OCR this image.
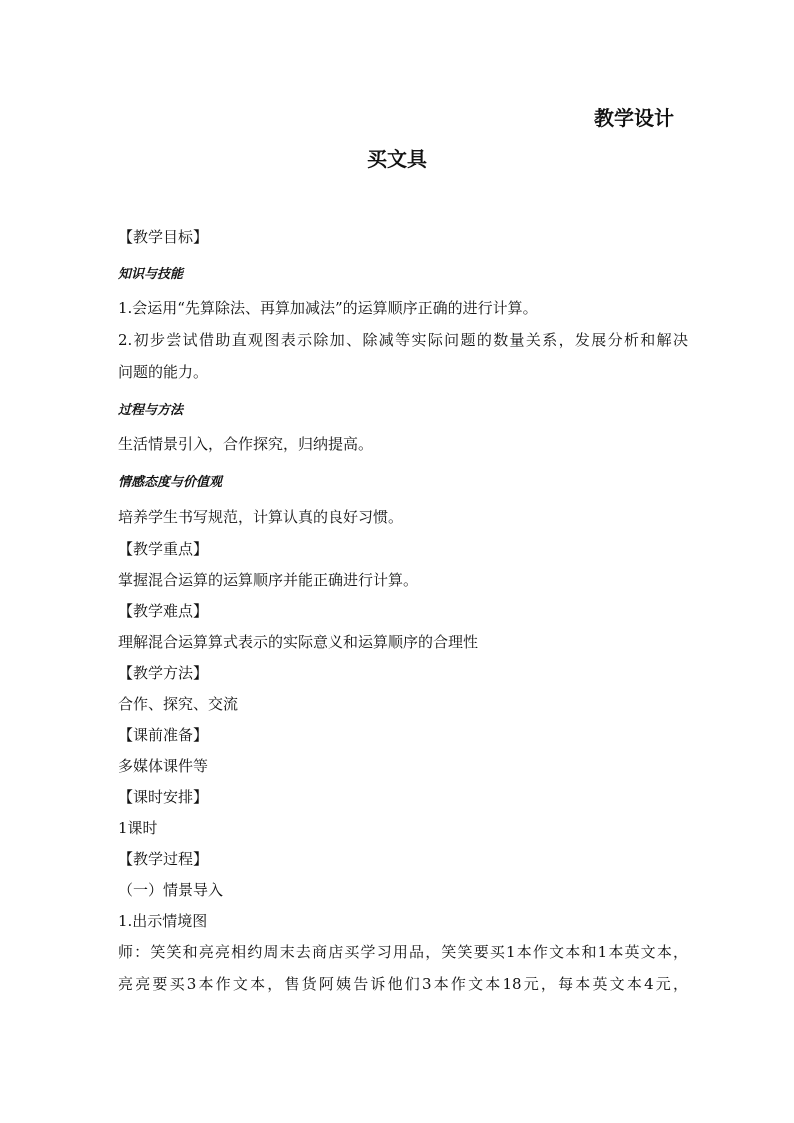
教学设计
买文具
【教学目标】
知识与技能
1.会运用“先算除法、再算加减法”的运算顺序正确的进行计算。
2.初步尝试借助直观图表示除加、除减等实际问题的数量关系，发展分析和解决
问题的能力。
过程与方法
生活情景引入，合作探究，归纳提高。
情感态度与价值观
培养学生书写规范，计算认真的良好习惯。
【教学重点】
掌握混合运算的运算顺序并能正确进行计算。
【教学难点】
理解混合运算算式表示的实际意义和运算顺序的合理性
【教学方法】
合作、探究、交流
【课前准备】
多媒体课件等
【课时安排】
1课时
【教学过程】
（一）情景导入
1.出示情境图
师：笑笑和亮亮相约周末去商店买学习用品，笑笑要买1本作文本和1本英文本，
亮亮要买3本作文本，售货阿姨告诉他们3本作文本18元，每本英文本4元，
